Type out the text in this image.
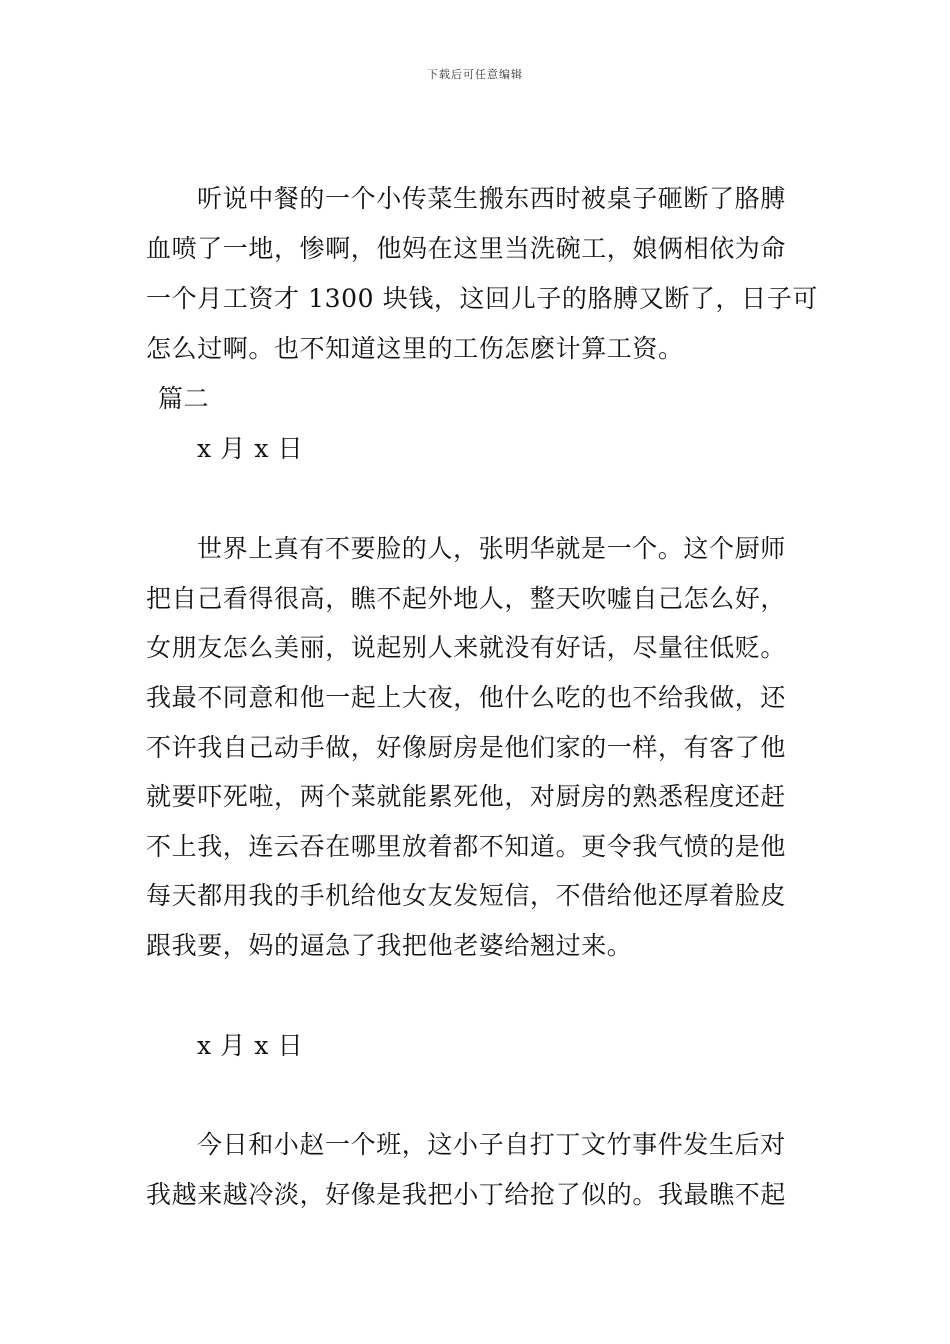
下载后可任意编辑
听说中餐的一个小传菜生搬东西时被桌子砸断了胳膊
血喷了一地，惨啊，他妈在这里当洗碗工，娘俩相依为命
一个月工资才 1300 块钱，这回儿子的胳膊又断了，日子可
怎么过啊。也不知道这里的工伤怎麽计算工资。
篇二
x 月 x 日
世界上真有不要脸的人，张明华就是一个。这个厨师
把自己看得很高，瞧不起外地人，整天吹嘘自己怎么好，
女朋友怎么美丽，说起别人来就没有好话，尽量往低贬。
我最不同意和他一起上大夜，他什么吃的也不给我做，还
不许我自己动手做，好像厨房是他们家的一样，有客了他
就要吓死啦，两个菜就能累死他，对厨房的熟悉程度还赶
不上我，连云吞在哪里放着都不知道。更令我气愤的是他
每天都用我的手机给他女友发短信，不借给他还厚着脸皮
跟我要，妈的逼急了我把他老婆给翘过来。
x 月 x 日
今日和小赵一个班，这小子自打丁文竹事件发生后对
我越来越冷淡，好像是我把小丁给抢了似的。我最瞧不起
